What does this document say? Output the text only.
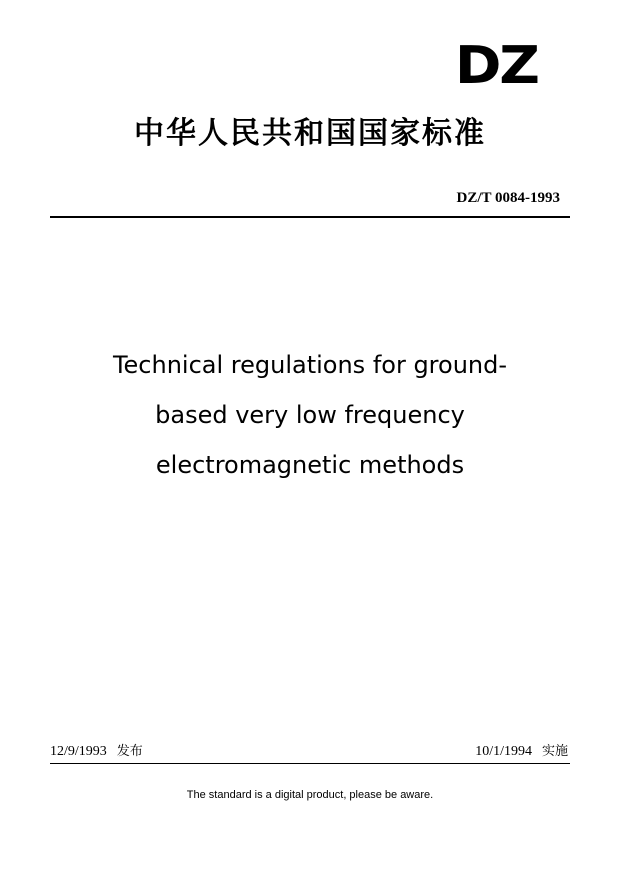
DZ
中华人民共和国国家标准
DZ/T 0084-1993
Technical regulations for ground-
based very low frequency
electromagnetic methods
12/9/1993 发布	10/1/1994 实施
The standard is a digital product, please be aware.
